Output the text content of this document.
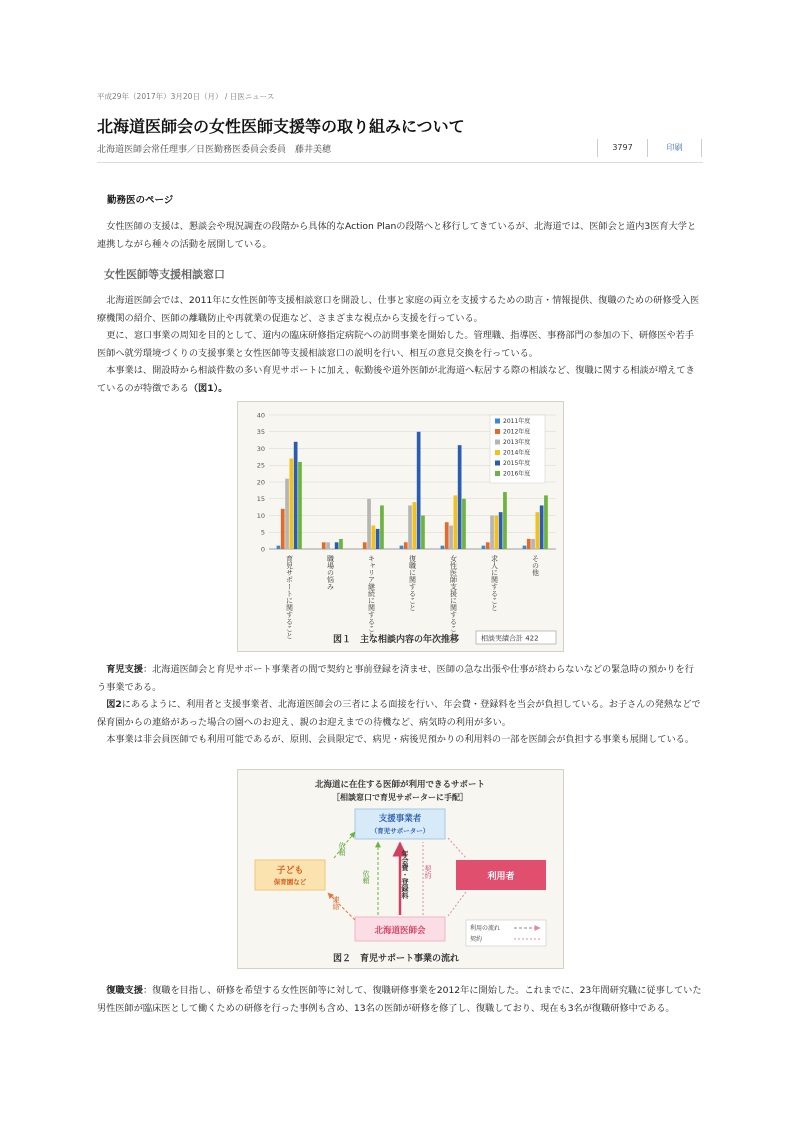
平成29年（2017年）3月20日（月） / 日医ニュース
北海道医師会の女性医師支援等の取り組みについて
北海道医師会常任理事／日医勤務医委員会委員　藤井美穂	3797	印刷
勤務医のページ

女性医師の支援は、懇談会や現況調査の段階から具体的なAction Planの段階へと移行してきているが、北海道では、医師会と道内3医育大学と連携しながら種々の活動を展開している。

女性医師等支援相談窓口

北海道医師会では、2011年に女性医師等支援相談窓口を開設し、仕事と家庭の両立を支援するための助言・情報提供、復職のための研修受入医療機関の紹介、医師の離職防止や再就業の促進など、さまざまな視点から支援を行っている。

更に、窓口事業の周知を目的として、道内の臨床研修指定病院への訪問事業を開始した。管理職、指導医、事務部門の参加の下、研修医や若手医師へ就労環境づくりの支援事業と女性医師等支援相談窓口の説明を行い、相互の意見交換を行っている。

本事業は、開設時から相談件数の多い育児サポートに加え、転勤後や道外医師が北海道へ転居する際の相談など、復職に関する相談が増えてきているのが特徴である（図1）。

0
5
10
15
20
25
30
35
40
育児サポートに関すること	職場の悩み	キャリア継続に関すること	復職に関すること	女性医師支援に関すること	求人に関すること	その他
2011年度
2012年度
2013年度
2014年度
2015年度
2016年度
図１　主な相談内容の年次推移	相談実績合計 422

育児支援：北海道医師会と育児サポート事業者の間で契約と事前登録を済ませ、医師の急な出張や仕事が終わらないなどの緊急時の預かりを行う事業である。

図2にあるように、利用者と支援事業者、北海道医師会の三者による面接を行い、年会費・登録料を当会が負担している。お子さんの発熱などで保育園からの連絡があった場合の園へのお迎え、親のお迎えまでの待機など、病気時の利用が多い。

本事業は非会員医師でも利用可能であるが、原則、会員限定で、病児・病後児預かりの利用料の一部を医師会が負担する事業も展開している。

北海道に在住する医師が利用できるサポート
［相談窓口で育児サポーターに手配］
支援事業者
（育児サポーター）
子ども
保育園など	利用者
北海道医師会
依頼
依頼
連絡
年会費・登録料 契約
利用の流れ
契約
図２　育児サポート事業の流れ

復職支援：復職を目指し、研修を希望する女性医師等に対して、復職研修事業を2012年に開始した。これまでに、23年間研究職に従事していた男性医師が臨床医として働くための研修を行った事例も含め、13名の医師が研修を修了し、復職しており、現在も3名が復職研修中である。
